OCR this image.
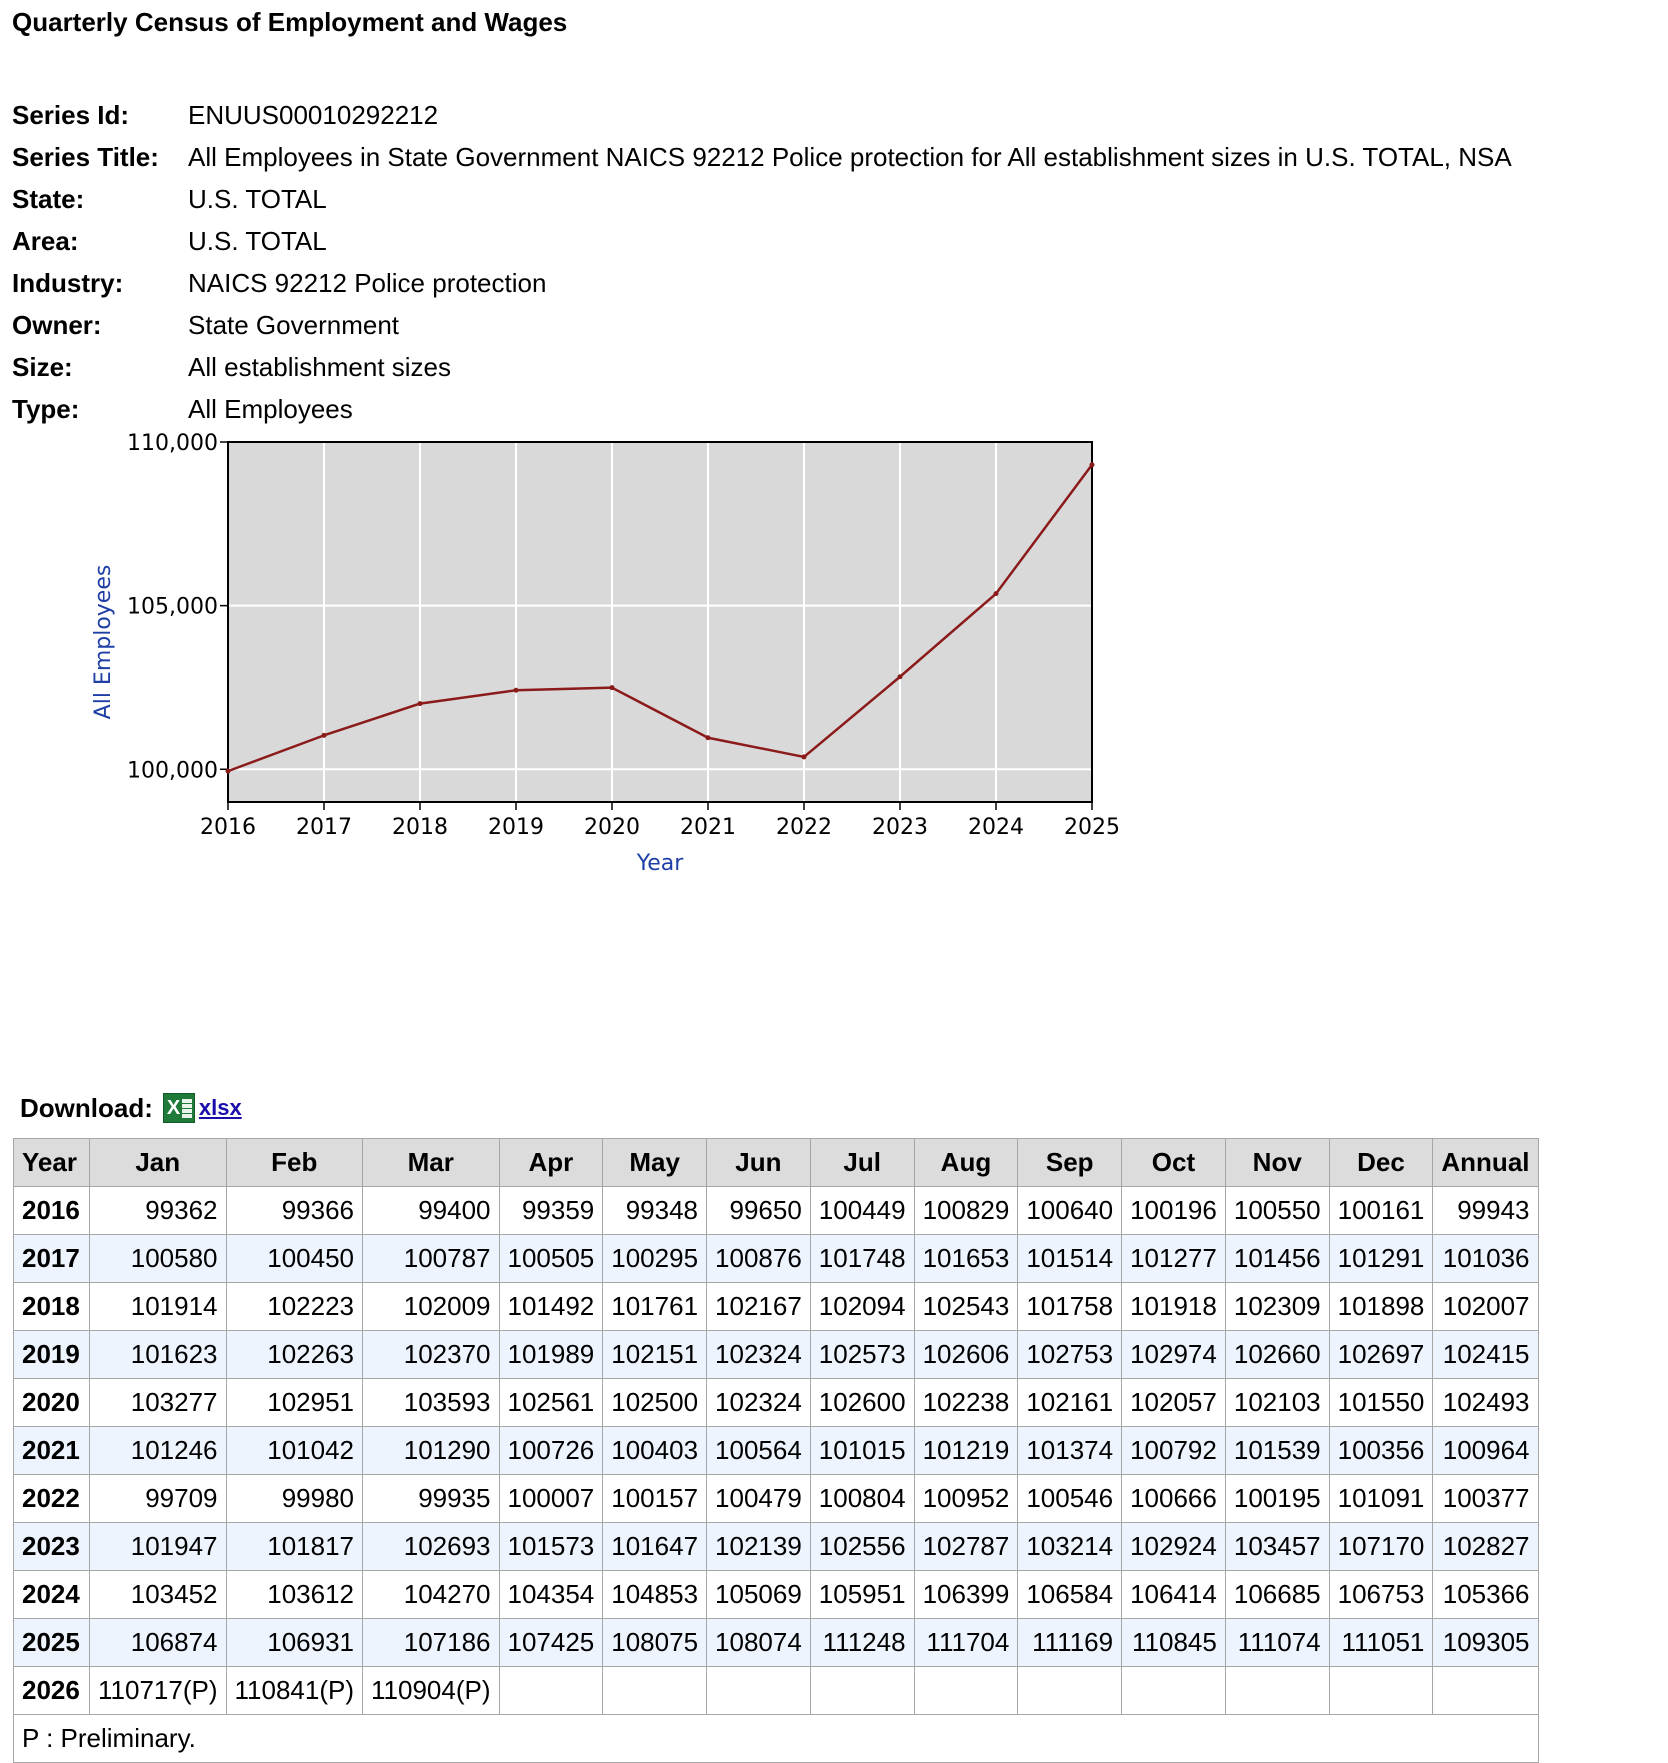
Quarterly Census of Employment and Wages
Series Id:	ENUUS00010292212
Series Title:	All Employees in State Government NAICS 92212 Police protection for All establishment sizes in U.S. TOTAL, NSA
State:	U.S. TOTAL
Area:	U.S. TOTAL
Industry:	NAICS 92212 Police protection
Owner:	State Government
Size:	All establishment sizes
Type:	All Employees
2016 2017 2018 2019 2020 2021 2022 2023 2024 2025
100,000
105,000
110,000
Year
All Employees
Download: X xlsx
Year	Jan	Feb	Mar	Apr	May	Jun	Jul	Aug	Sep	Oct	Nov	Dec	Annual
2016	99362	99366	99400	99359	99348	99650	100449	100829	100640	100196	100550	100161	99943
2017	100580	100450	100787	100505	100295	100876	101748	101653	101514	101277	101456	101291	101036
2018	101914	102223	102009	101492	101761	102167	102094	102543	101758	101918	102309	101898	102007
2019	101623	102263	102370	101989	102151	102324	102573	102606	102753	102974	102660	102697	102415
2020	103277	102951	103593	102561	102500	102324	102600	102238	102161	102057	102103	101550	102493
2021	101246	101042	101290	100726	100403	100564	101015	101219	101374	100792	101539	100356	100964
2022	99709	99980	99935	100007	100157	100479	100804	100952	100546	100666	100195	101091	100377
2023	101947	101817	102693	101573	101647	102139	102556	102787	103214	102924	103457	107170	102827
2024	103452	103612	104270	104354	104853	105069	105951	106399	106584	106414	106685	106753	105366
2025	106874	106931	107186	107425	108075	108074	111248	111704	111169	110845	111074	111051	109305
2026	110717(P)	110841(P)	110904(P)										
P : Preliminary.													
